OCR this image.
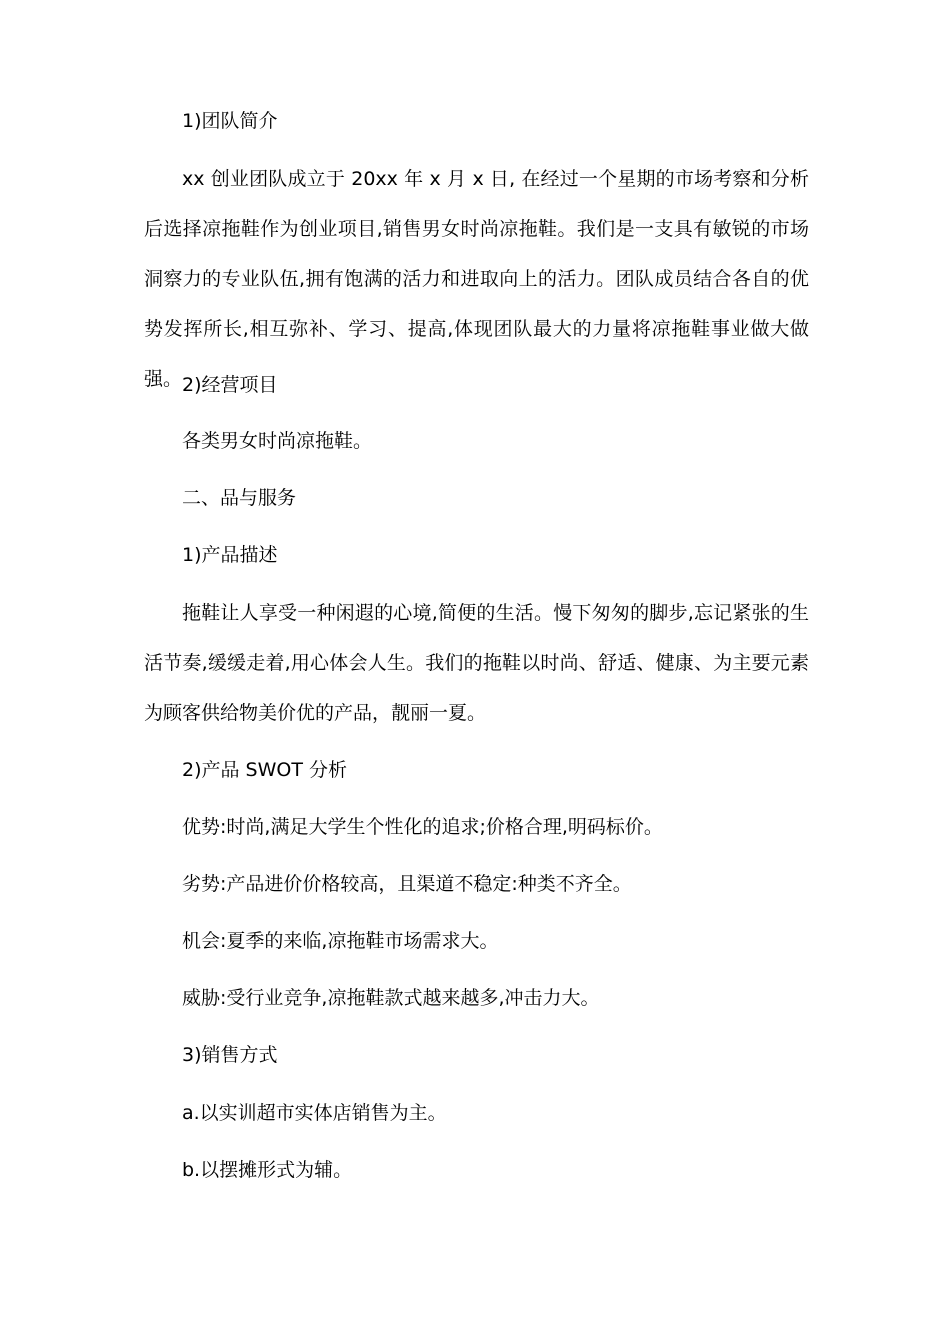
1)团队简介

xx 创业团队成立于 20xx 年 x 月 x 日, 在经过一个星期的市场考察和分析后选择凉拖鞋作为创业项目,销售男女时尚凉拖鞋。我们是一支具有敏锐的市场洞察力的专业队伍,拥有饱满的活力和进取向上的活力。团队成员结合各自的优势发挥所长,相互弥补、学习、提高,体现团队最大的力量将凉拖鞋事业做大做强。 2)经营项目

各类男女时尚凉拖鞋。

二、品与服务

1)产品描述

拖鞋让人享受一种闲遐的心境,简便的生活。慢下匆匆的脚步,忘记紧张的生活节奏,缓缓走着,用心体会人生。我们的拖鞋以时尚、舒适、健康、为主要元素为顾客供给物美价优的产品，靓丽一夏。

2)产品 SWOT 分析

优势:时尚,满足大学生个性化的追求;价格合理,明码标价。

劣势:产品进价价格较高，且渠道不稳定:种类不齐全。

机会:夏季的来临,凉拖鞋市场需求大。

威胁:受行业竞争,凉拖鞋款式越来越多,冲击力大。

3)销售方式

a.以实训超市实体店销售为主。

b.以摆摊形式为辅。
